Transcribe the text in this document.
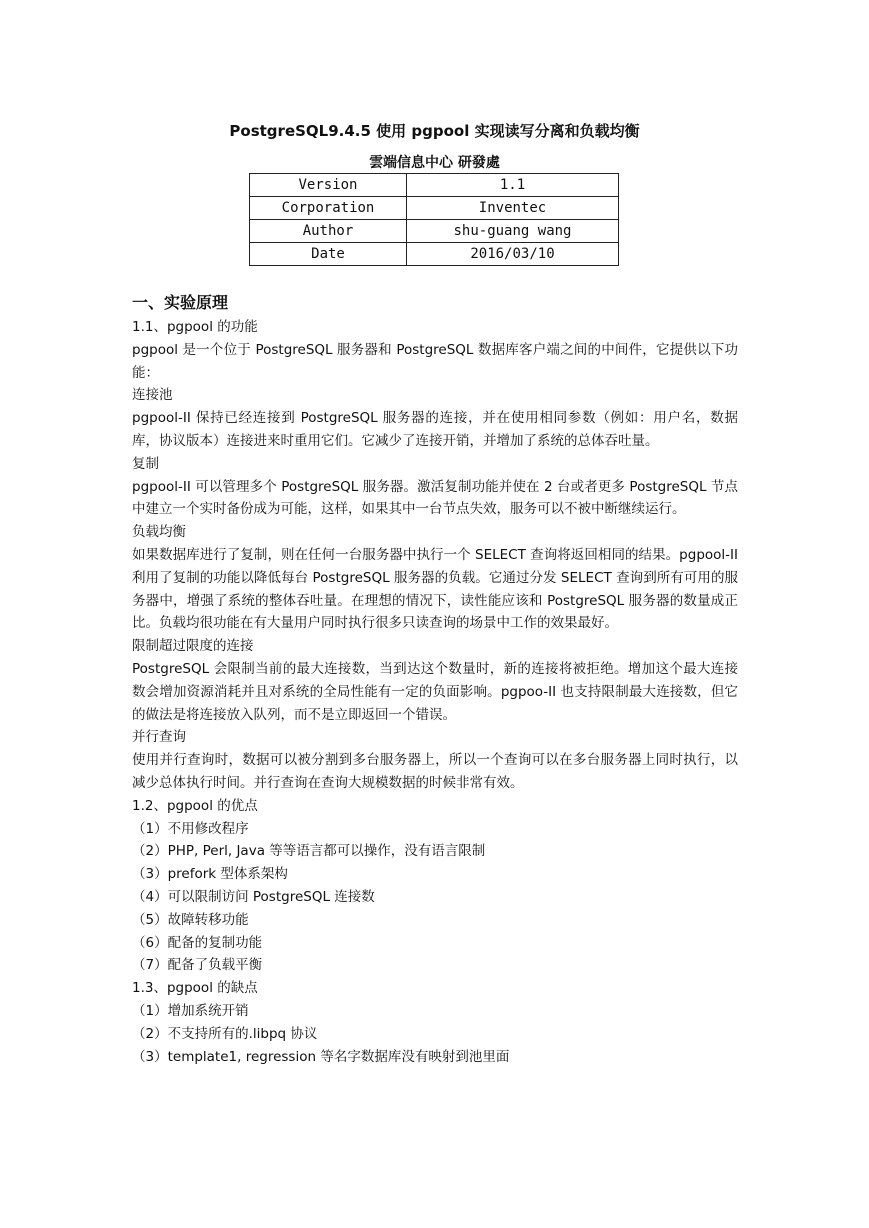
PostgreSQL9.4.5 使用 pgpool 实现读写分离和负载均衡
雲端信息中心 研發處
Version	1.1
Corporation	Inventec
Author	shu-guang wang
Date	2016/03/10
一、实验原理

1.1、pgpool 的功能

pgpool 是一个位于 PostgreSQL 服务器和 PostgreSQL 数据库客户端之间的中间件，它提供以下功能：

连接池

pgpool-II 保持已经连接到 PostgreSQL 服务器的连接，并在使用相同参数（例如：用户名，数据库，协议版本）连接进来时重用它们。它减少了连接开销，并增加了系统的总体吞吐量。

复制

pgpool-II 可以管理多个 PostgreSQL 服务器。激活复制功能并使在 2 台或者更多 PostgreSQL 节点中建立一个实时备份成为可能，这样，如果其中一台节点失效，服务可以不被中断继续运行。

负载均衡

如果数据库进行了复制，则在任何一台服务器中执行一个 SELECT 查询将返回相同的结果。pgpool-II 利用了复制的功能以降低每台 PostgreSQL 服务器的负载。它通过分发 SELECT 查询到所有可用的服务器中，增强了系统的整体吞吐量。在理想的情况下，读性能应该和 PostgreSQL 服务器的数量成正比。负载均很功能在有大量用户同时执行很多只读查询的场景中工作的效果最好。

限制超过限度的连接

PostgreSQL 会限制当前的最大连接数，当到达这个数量时，新的连接将被拒绝。增加这个最大连接数会增加资源消耗并且对系统的全局性能有一定的负面影响。pgpoo-II 也支持限制最大连接数，但它的做法是将连接放入队列，而不是立即返回一个错误。

并行查询

使用并行查询时，数据可以被分割到多台服务器上，所以一个查询可以在多台服务器上同时执行，以减少总体执行时间。并行查询在查询大规模数据的时候非常有效。

1.2、pgpool 的优点

（1）不用修改程序

（2）PHP, Perl, Java 等等语言都可以操作，没有语言限制

（3）prefork 型体系架构

（4）可以限制访问 PostgreSQL 连接数

（5）故障转移功能

（6）配备的复制功能

（7）配备了负载平衡

1.3、pgpool 的缺点

（1）增加系统开销

（2）不支持所有的.libpq 协议

（3）template1, regression 等名字数据库没有映射到池里面
